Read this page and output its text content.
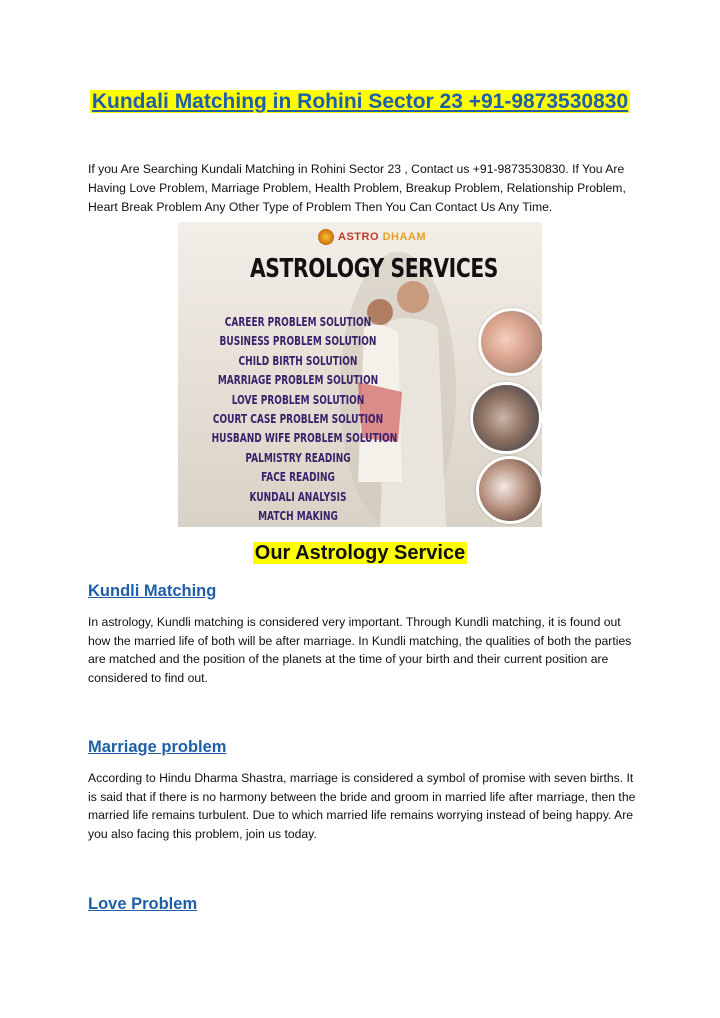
Kundali Matching in Rohini Sector 23 +91-9873530830
If you Are Searching Kundali Matching in Rohini Sector 23 , Contact us +91-9873530830. If You Are Having Love Problem, Marriage Problem, Health Problem, Breakup Problem, Relationship Problem, Heart Break Problem Any Other Type of Problem Then You Can Contact Us Any Time.
ASTRO DHAAM
ASTROLOGY SERVICES
CAREER PROBLEM SOLUTION
BUSINESS PROBLEM SOLUTION
CHILD BIRTH SOLUTION
MARRIAGE PROBLEM SOLUTION
LOVE PROBLEM SOLUTION
COURT CASE PROBLEM SOLUTION
HUSBAND WIFE PROBLEM SOLUTION
PALMISTRY READING
FACE READING
KUNDALI ANALYSIS
MATCH MAKING
Our Astrology Service
Kundli Matching
In astrology, Kundli matching is considered very important. Through Kundli matching, it is found out how the married life of both will be after marriage. In Kundli matching, the qualities of both the parties are matched and the position of the planets at the time of your birth and their current position are considered to find out.
Marriage problem
According to Hindu Dharma Shastra, marriage is considered a symbol of promise with seven births. It is said that if there is no harmony between the bride and groom in married life after marriage, then the married life remains turbulent. Due to which married life remains worrying instead of being happy. Are you also facing this problem, join us today.
Love Problem
